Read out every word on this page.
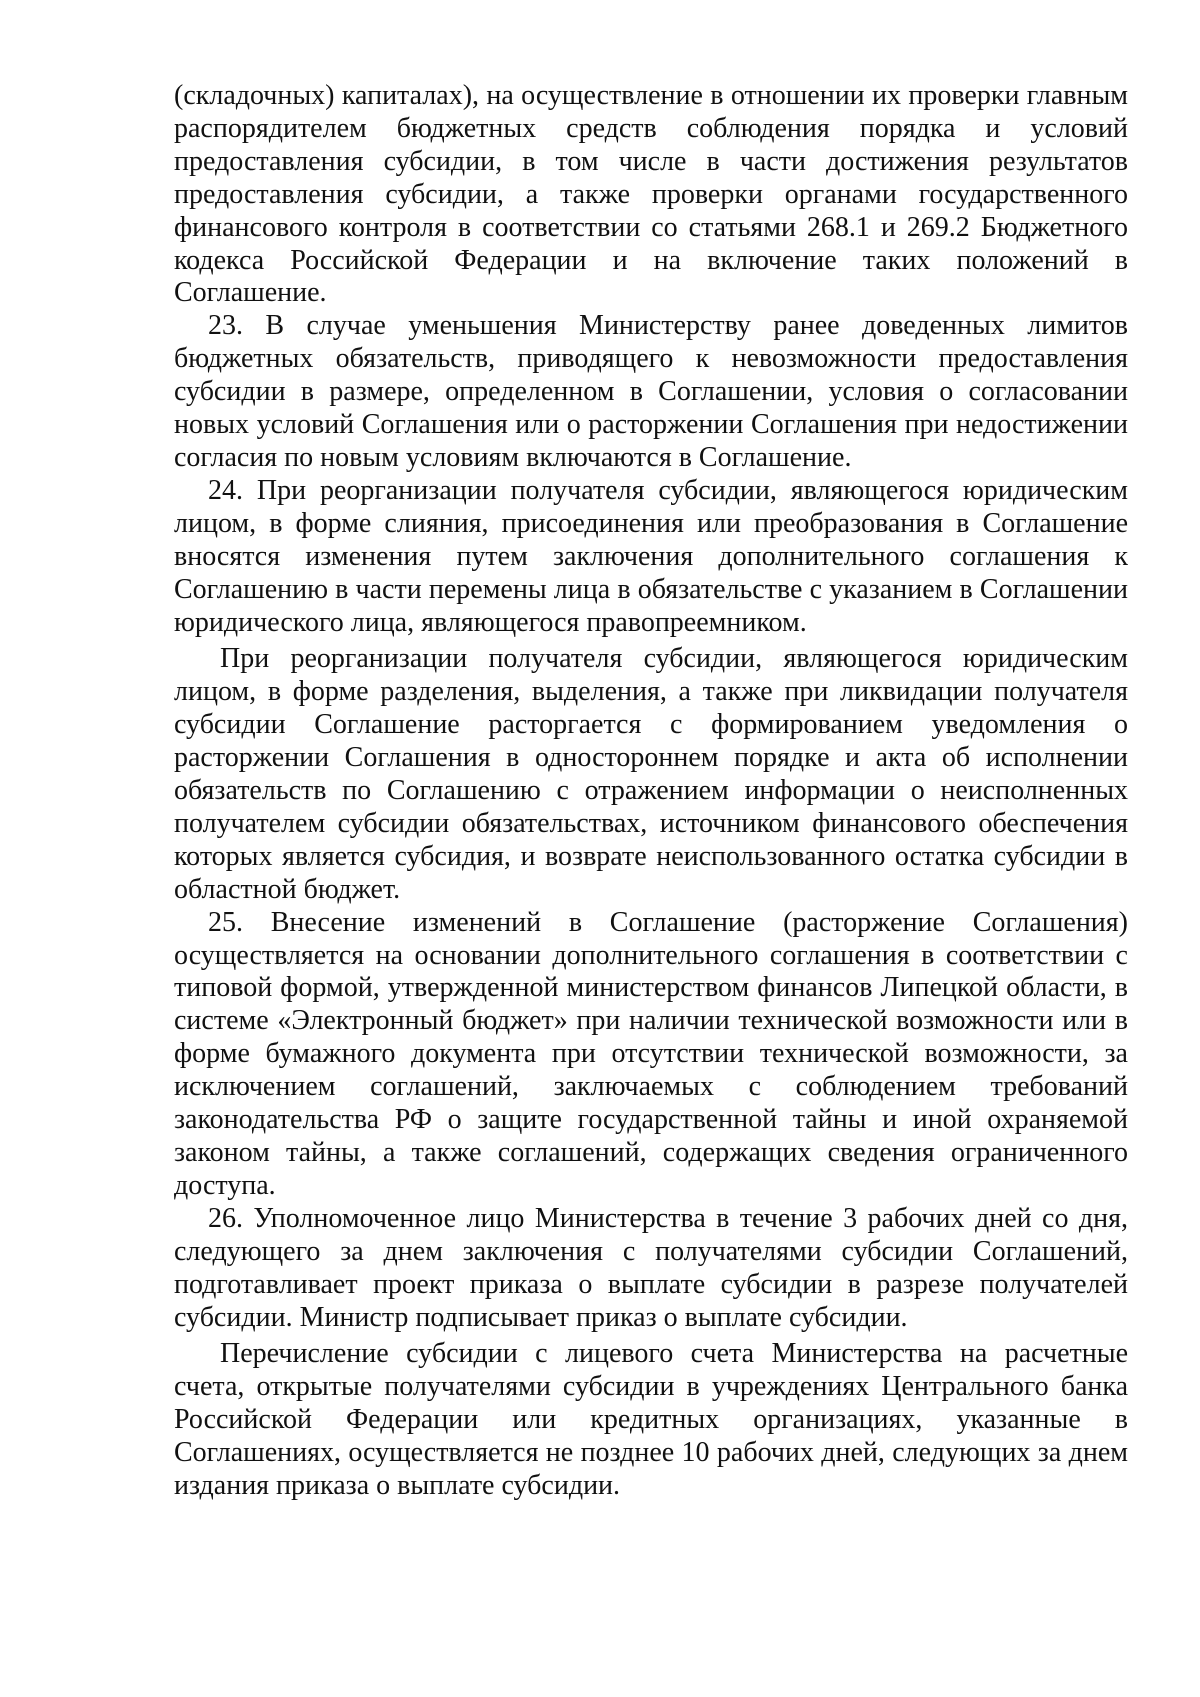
(складочных) капиталах), на осуществление в отношении их проверки главным распорядителем бюджетных средств соблюдения порядка и условий предоставления субсидии, в том числе в части достижения результатов предоставления субсидии, а также проверки органами государственного финансового контроля в соответствии со статьями 268.1 и 269.2 Бюджетного кодекса Российской Федерации и на включение таких положений в Соглашение.

23. В случае уменьшения Министерству ранее доведенных лимитов бюджетных обязательств, приводящего к невозможности предоставления субсидии в размере, определенном в Соглашении, условия о согласовании новых условий Соглашения или о расторжении Соглашения при недостижении согласия по новым условиям включаются в Соглашение.

24. При реорганизации получателя субсидии, являющегося юридическим лицом, в форме слияния, присоединения или преобразования в Соглашение вносятся изменения путем заключения дополнительного соглашения к Соглашению в части перемены лица в обязательстве с указанием в Соглашении юридического лица, являющегося правопреемником.

При реорганизации получателя субсидии, являющегося юридическим лицом, в форме разделения, выделения, а также при ликвидации получателя субсидии Соглашение расторгается с формированием уведомления о расторжении Соглашения в одностороннем порядке и акта об исполнении обязательств по Соглашению с отражением информации о неисполненных получателем субсидии обязательствах, источником финансового обеспечения которых является субсидия, и возврате неиспользованного остатка субсидии в областной бюджет.

25. Внесение изменений в Соглашение (расторжение Соглашения) осуществляется на основании дополнительного соглашения в соответствии с типовой формой, утвержденной министерством финансов Липецкой области, в системе «Электронный бюджет» при наличии технической возможности или в форме бумажного документа при отсутствии технической возможности, за исключением соглашений, заключаемых с соблюдением требований законодательства РФ о защите государственной тайны и иной охраняемой законом тайны, а также соглашений, содержащих сведения ограниченного доступа.

26. Уполномоченное лицо Министерства в течение 3 рабочих дней со дня, следующего за днем заключения с получателями субсидии Соглашений, подготавливает проект приказа о выплате субсидии в разрезе получателей субсидии. Министр подписывает приказ о выплате субсидии.

Перечисление субсидии с лицевого счета Министерства на расчетные счета, открытые получателями субсидии в учреждениях Центрального банка Российской Федерации или кредитных организациях, указанные в Соглашениях, осуществляется не позднее 10 рабочих дней, следующих за днем издания приказа о выплате субсидии.
